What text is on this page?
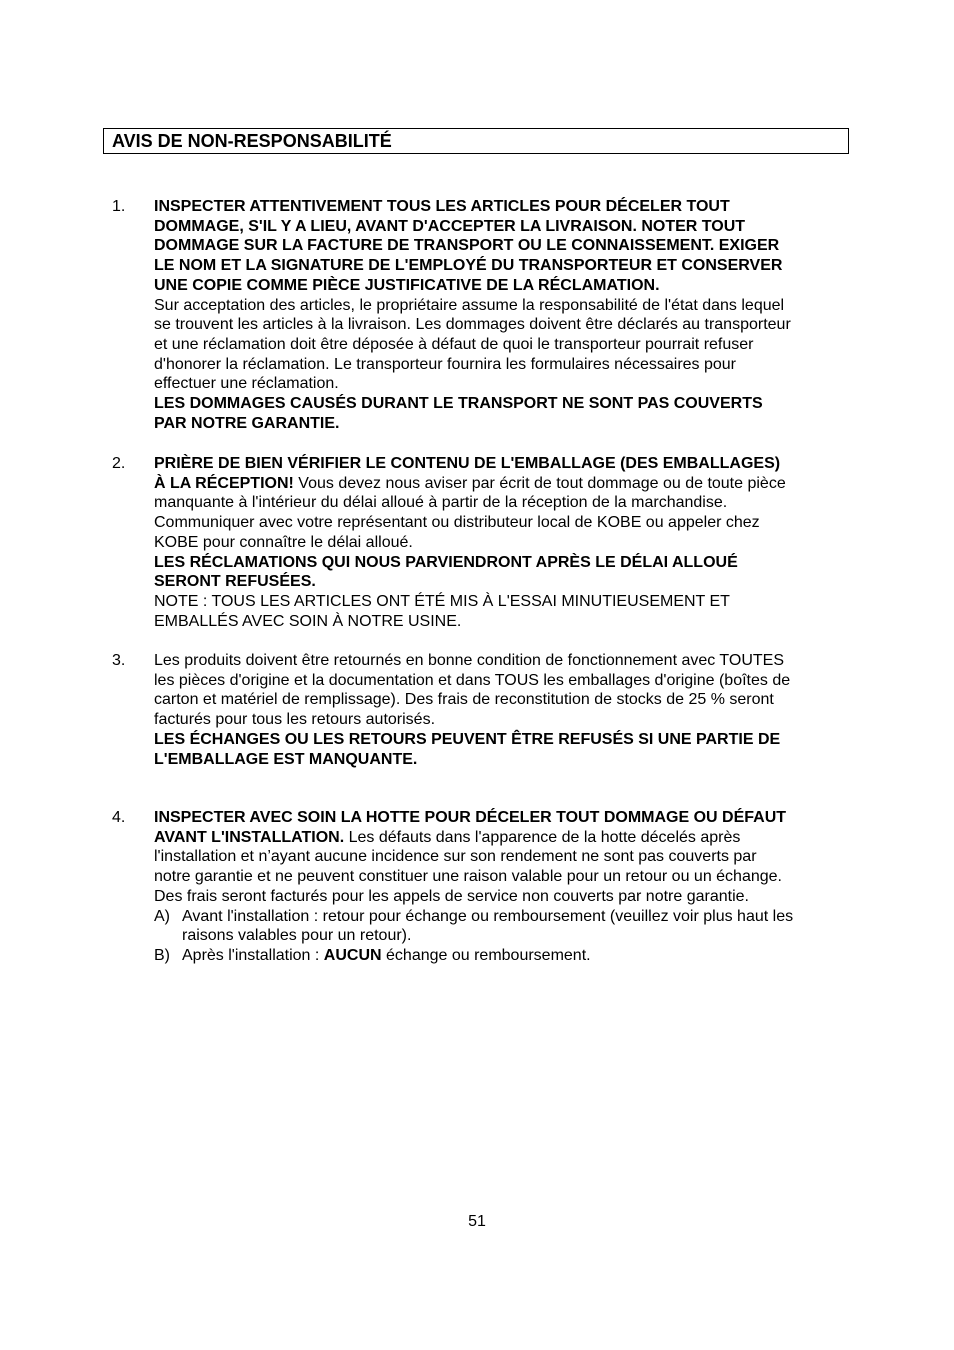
AVIS DE NON-RESPONSABILITÉ
1. INSPECTER ATTENTIVEMENT TOUS LES ARTICLES POUR DÉCELER TOUT
DOMMAGE, S'IL Y A LIEU, AVANT D'ACCEPTER LA LIVRAISON. NOTER TOUT
DOMMAGE SUR LA FACTURE DE TRANSPORT OU LE CONNAISSEMENT. EXIGER
LE NOM ET LA SIGNATURE DE L'EMPLOYÉ DU TRANSPORTEUR ET CONSERVER
UNE COPIE COMME PIÈCE JUSTIFICATIVE DE LA RÉCLAMATION.
Sur acceptation des articles, le propriétaire assume la responsabilité de l'état dans lequel
se trouvent les articles à la livraison. Les dommages doivent être déclarés au transporteur
et une réclamation doit être déposée à défaut de quoi le transporteur pourrait refuser
d'honorer la réclamation. Le transporteur fournira les formulaires nécessaires pour
effectuer une réclamation.
LES DOMMAGES CAUSÉS DURANT LE TRANSPORT NE SONT PAS COUVERTS
PAR NOTRE GARANTIE.
2. PRIÈRE DE BIEN VÉRIFIER LE CONTENU DE L'EMBALLAGE (DES EMBALLAGES)
À LA RÉCEPTION! Vous devez nous aviser par écrit de tout dommage ou de toute pièce
manquante à l'intérieur du délai alloué à partir de la réception de la marchandise.
Communiquer avec votre représentant ou distributeur local de KOBE ou appeler chez
KOBE pour connaître le délai alloué.
LES RÉCLAMATIONS QUI NOUS PARVIENDRONT APRÈS LE DÉLAI ALLOUÉ
SERONT REFUSÉES.
NOTE : TOUS LES ARTICLES ONT ÉTÉ MIS À L'ESSAI MINUTIEUSEMENT ET
EMBALLÉS AVEC SOIN À NOTRE USINE.
3. Les produits doivent être retournés en bonne condition de fonctionnement avec TOUTES
les pièces d'origine et la documentation et dans TOUS les emballages d'origine (boîtes de
carton et matériel de remplissage). Des frais de reconstitution de stocks de 25 % seront
facturés pour tous les retours autorisés.
LES ÉCHANGES OU LES RETOURS PEUVENT ÊTRE REFUSÉS SI UNE PARTIE DE
L'EMBALLAGE EST MANQUANTE.
4. INSPECTER AVEC SOIN LA HOTTE POUR DÉCELER TOUT DOMMAGE OU DÉFAUT
AVANT L'INSTALLATION. Les défauts dans l'apparence de la hotte décelés après
l'installation et n’ayant aucune incidence sur son rendement ne sont pas couverts par
notre garantie et ne peuvent constituer une raison valable pour un retour ou un échange.
Des frais seront facturés pour les appels de service non couverts par notre garantie.
A) Avant l'installation : retour pour échange ou remboursement (veuillez voir plus haut les
raisons valables pour un retour).
B) Après l'installation : AUCUN échange ou remboursement.
51
